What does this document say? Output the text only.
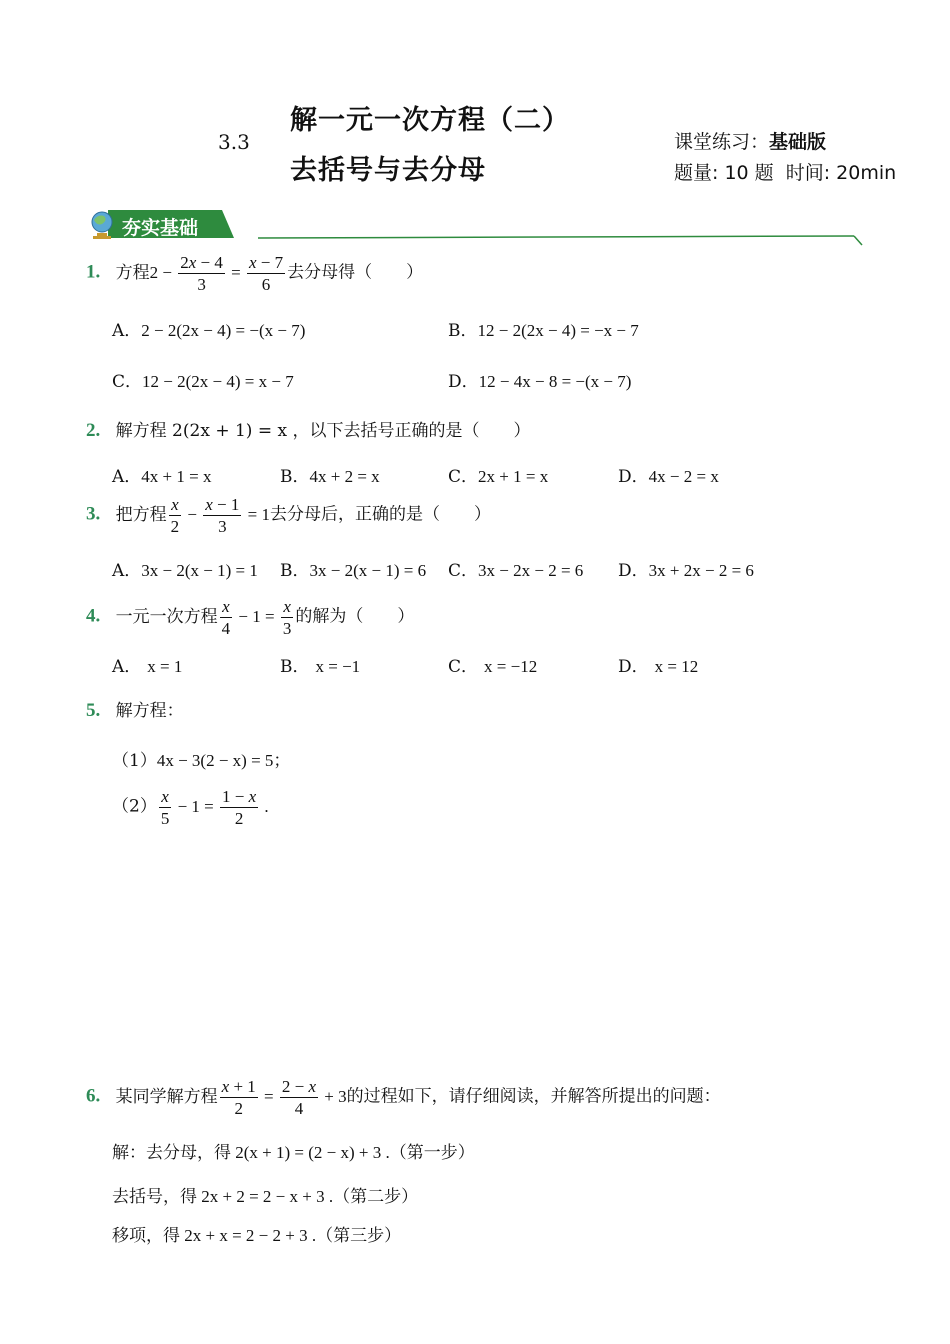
3.3
解一元一次方程（二）
去括号与去分母
课堂练习：基础版
题量: 10 题  时间: 20min
夯实基础
1. 方程$2 - \frac{2x - 4}{3} = \frac{x - 7}{6}$ 去分母得（　　）
A．2 − 2(2x − 4) = −(x − 7)	B．12 − 2(2x − 4) = −x − 7
C．12 − 2(2x − 4) = x − 7	D．12 − 4x − 8 = −(x − 7)
2. 解方程 2(2x + 1) = x ，以下去括号正确的是（　　）
A．4x + 1 = x	B．4x + 2 = x	C．2x + 1 = x	D．4x − 2 = x
3. 把方程 $\frac{x}{2} - \frac{x - 1}{3} = 1$去分母后，正确的是（　　）
A．3x − 2(x − 1) = 1 B．3x − 2(x − 1) = 6 C．3x − 2x − 2 = 6 D．3x + 2x − 2 = 6
4. 一元一次方程 $\frac{x}{4} - 1 = \frac{x}{3}$ 的解为（　　）
A． x = 1	B． x = −1	C． x = −12	D． x = 12
5. 解方程：
（1）4x − 3(2 − x) = 5；
$(2) \frac{x}{5} - 1 = \frac{1 - x}{2}$ .
6. 某同学解方程 $\frac{x + 1}{2} = \frac{2 - x}{4} + 3$的过程如下，请仔细阅读，并解答所提出的问题：
解：去分母，得 2(x + 1) = (2 − x) + 3 .（第一步）
去括号，得 2x + 2 = 2 − x + 3 .（第二步）
移项，得 2x + x = 2 − 2 + 3 .（第三步）
